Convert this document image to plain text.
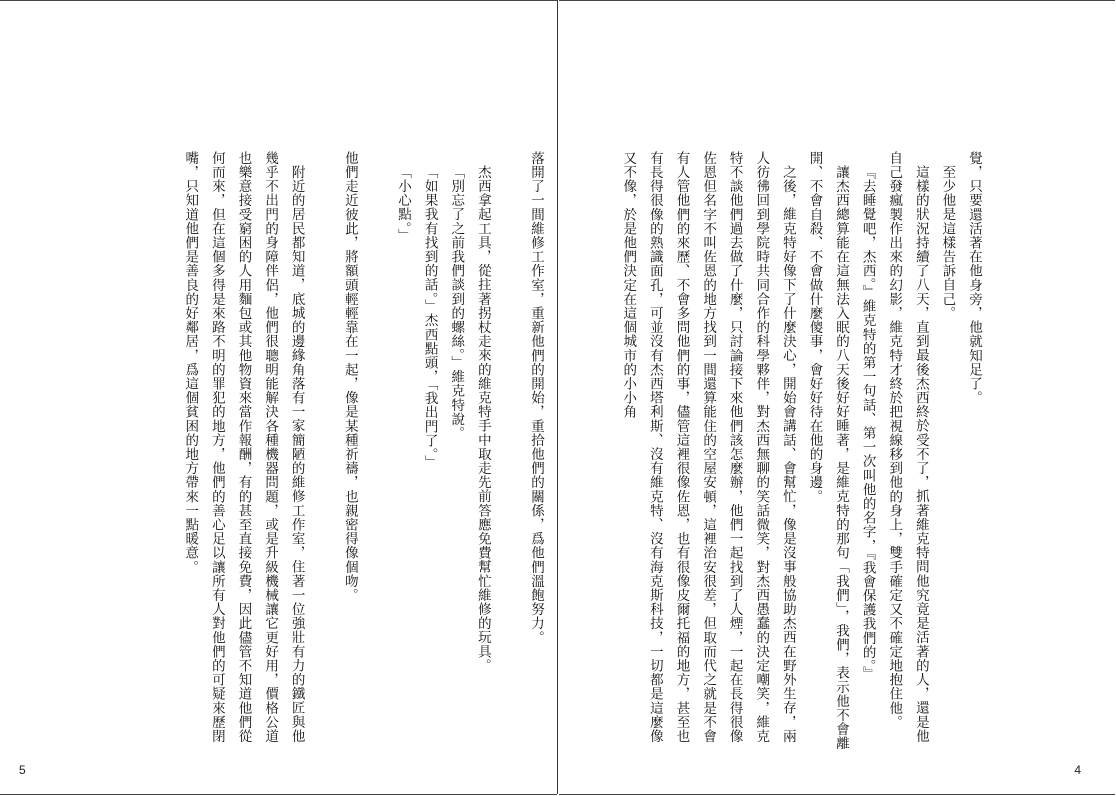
落開了一間維修工作室，重新他們的開始，重拾他們的關係，爲他們溫飽努力。

杰西拿起工具，從拄著拐杖走來的維克特手中取走先前答應免費幫忙維修的玩具。

「別忘了之前我們談到的螺絲。」維克特說。

「如果我有找到的話。」杰西點頭，「我出門了。」

「小心點。」

他們走近彼此，將額頭輕輕靠在一起，像是某種祈禱，也親密得像個吻。

附近的居民都知道，底城的邊緣角落有一家簡陋的維修工作室，住著一位強壯有力的鐵匠與他幾乎不出門的身障伴侶，他們很聰明能解決各種機器問題，或是升級機械讓它更好用，價格公道也樂意接受窮困的人用麵包或其他物資來當作報酬，有的甚至直接免費，因此儘管不知道他們從何而來，但在這個多得是來路不明的罪犯的地方，他們的善心足以讓所有人對他們的可疑來歷閉嘴，只知道他們是善良的好鄰居，爲這個貧困的地方帶來一點暖意。

5

覺，只要還活著在他身旁，他就知足了。

至少他是這樣告訴自己。

這樣的狀況持續了八天，直到最後杰西終於受不了，抓著維克特問他究竟是活著的人，還是他自己發瘋製作出來的幻影，維克特才終於把視線移到他的身上，雙手確定又不確定地抱住他。

『去睡覺吧，杰西。』維克特的第一句話、第一次叫他的名字，『我會保護我們的。』

讓杰西總算能在這無法入眠的八天後好好睡著，是維克特的那句「我們」，我們，表示他不會離開、不會自殺、不會做什麼傻事，會好好待在他的身邊。

之後，維克特好像下了什麼決心，開始會講話、會幫忙，像是沒事般協助杰西在野外生存，兩人彷彿回到學院時共同合作的科學夥伴，對杰西無聊的笑話微笑，對杰西愚蠢的決定嘲笑，維克特不談他們過去做了什麼，只討論接下來他們該怎麼辦，他們一起找到了人煙，一起在長得很像佐恩但名字不叫佐恩的地方找到一間還算能住的空屋安頓，這裡治安很差，但取而代之就是不會有人管他們的來歷、不會多問他們的事，儘管這裡很像佐恩，也有很像皮爾托福的地方，甚至也有長得很像的熟識面孔，可並沒有杰西塔利斯、沒有維克特、沒有海克斯科技，一切都是這麼像又不像，於是他們決定在這個城市的小小角

4
